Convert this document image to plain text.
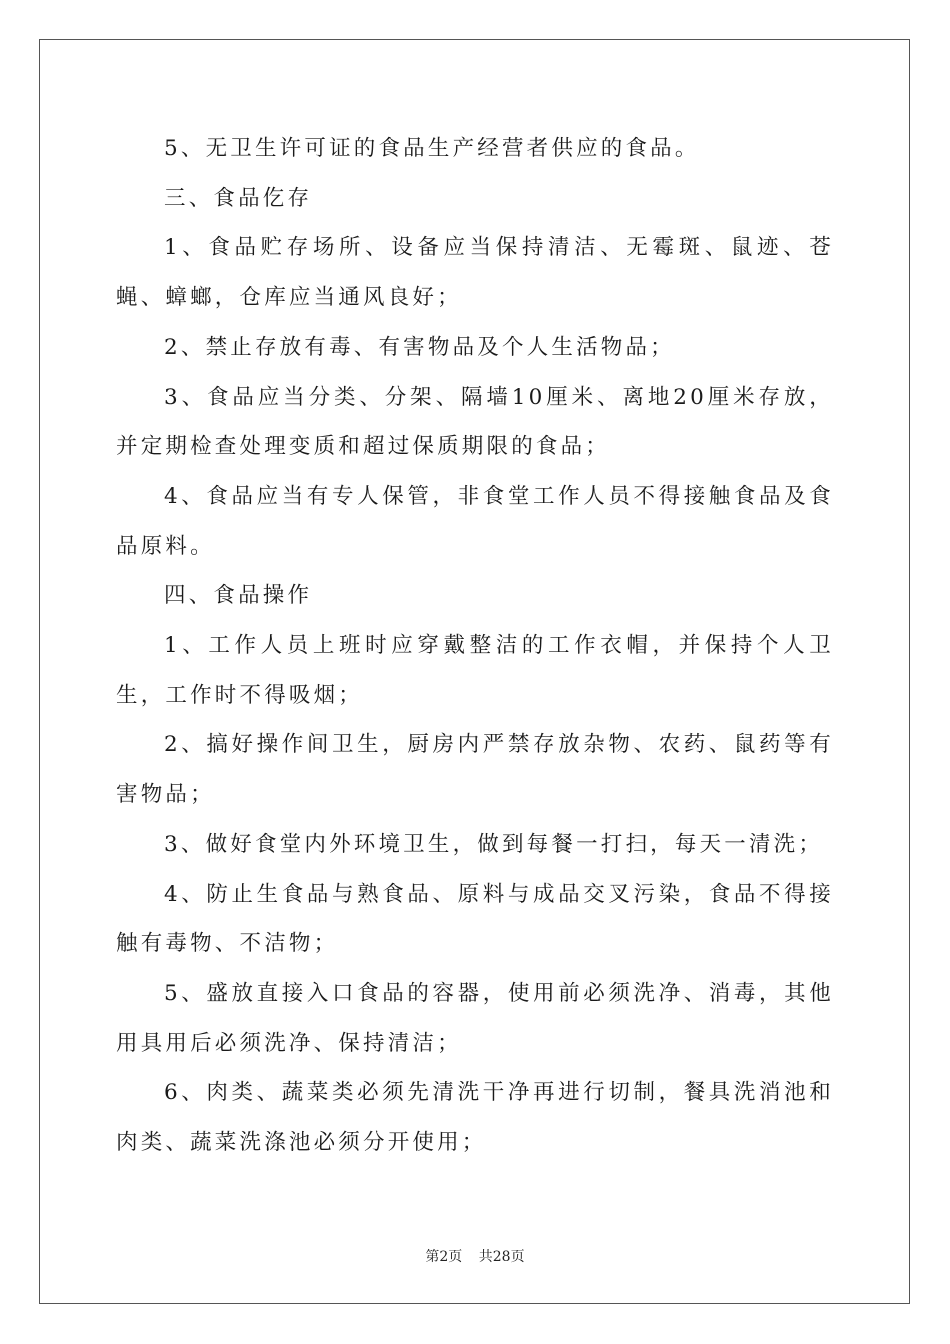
5、无卫生许可证的食品生产经营者供应的食品。

三、食品仡存

1、食品贮存场所、设备应当保持清洁、无霉斑、鼠迹、苍蝇、蟑螂，仓库应当通风良好；

2、禁止存放有毒、有害物品及个人生活物品；

3、食品应当分类、分架、隔墙10厘米、离地20厘米存放，并定期检查处理变质和超过保质期限的食品；

4、食品应当有专人保管，非食堂工作人员不得接触食品及食品原料。

四、食品操作

1、工作人员上班时应穿戴整洁的工作衣帽，并保持个人卫生，工作时不得吸烟；

2、搞好操作间卫生，厨房内严禁存放杂物、农药、鼠药等有害物品；

3、做好食堂内外环境卫生，做到每餐一打扫，每天一清洗；

4、防止生食品与熟食品、原料与成品交叉污染，食品不得接触有毒物、不洁物；

5、盛放直接入口食品的容器，使用前必须洗净、消毒，其他用具用后必须洗净、保持清洁；

6、肉类、蔬菜类必须先清洗干净再进行切制，餐具洗消池和肉类、蔬菜洗涤池必须分开使用；

第2页 共28页
